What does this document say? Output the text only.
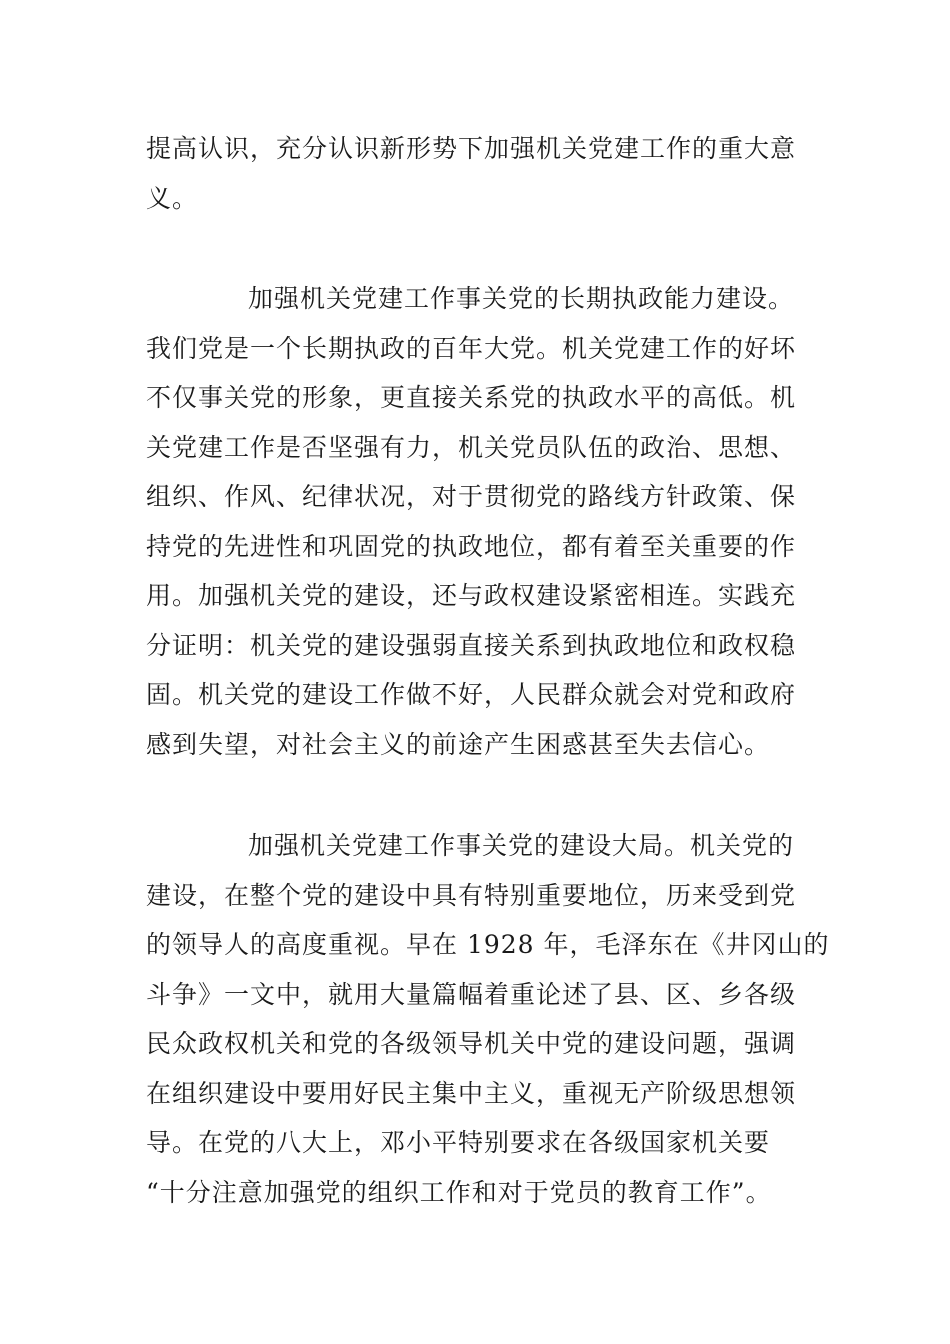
提高认识，充分认识新形势下加强机关党建工作的重大意
义。
加强机关党建工作事关党的长期执政能力建设。
我们党是一个长期执政的百年大党。机关党建工作的好坏
不仅事关党的形象，更直接关系党的执政水平的高低。机
关党建工作是否坚强有力，机关党员队伍的政治、思想、
组织、作风、纪律状况，对于贯彻党的路线方针政策、保
持党的先进性和巩固党的执政地位，都有着至关重要的作
用。加强机关党的建设，还与政权建设紧密相连。实践充
分证明：机关党的建设强弱直接关系到执政地位和政权稳
固。机关党的建设工作做不好，人民群众就会对党和政府
感到失望，对社会主义的前途产生困惑甚至失去信心。
加强机关党建工作事关党的建设大局。机关党的
建设，在整个党的建设中具有特别重要地位，历来受到党
的领导人的高度重视。早在 1928 年，毛泽东在《井冈山的
斗争》一文中，就用大量篇幅着重论述了县、区、乡各级
民众政权机关和党的各级领导机关中党的建设问题，强调
在组织建设中要用好民主集中主义，重视无产阶级思想领
导。在党的八大上，邓小平特别要求在各级国家机关要
“十分注意加强党的组织工作和对于党员的教育工作”。
